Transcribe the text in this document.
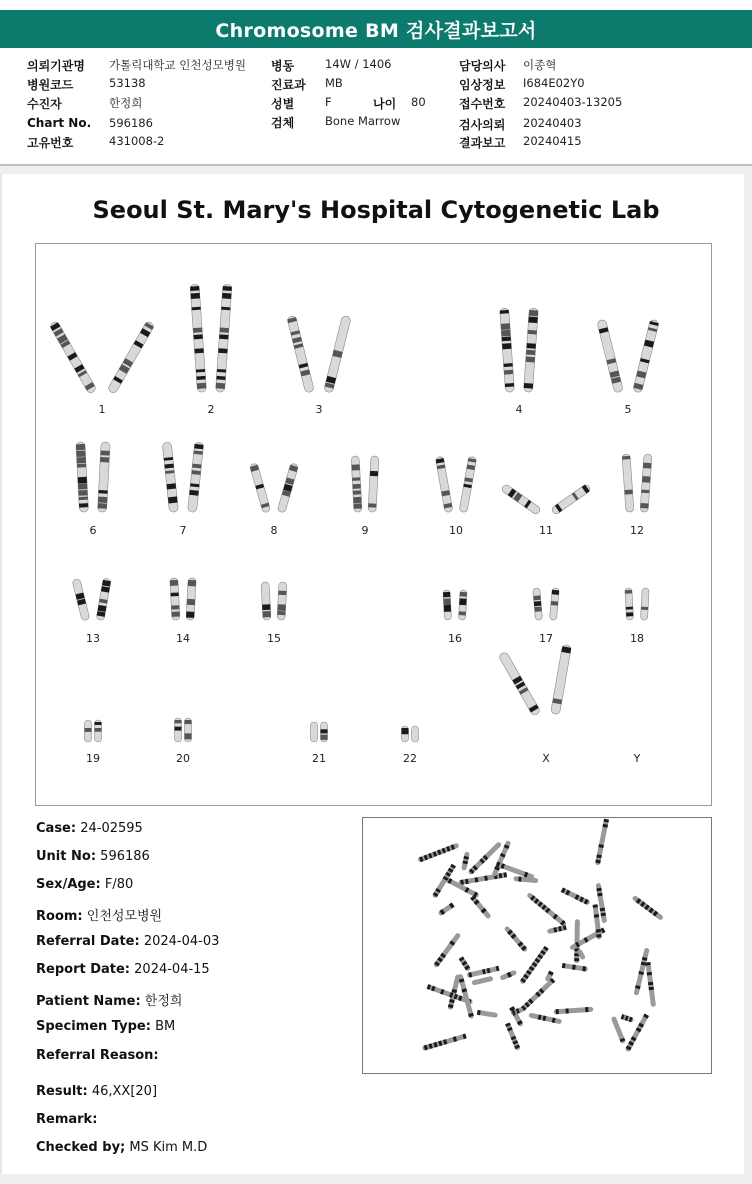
Chromosome BM 검사결과보고서
의뢰기관명 가톨릭대학교 인천성모병원
병원코드	53138
수진자	한정희
Chart No. 596186
고유번호	431008-2
병동	14W / 1406
진료과 MB
성별	F	나이 80
검체	Bone Marrow
담당의사 이종혁
임상정보 I684E02Y0
접수번호 20240403-13205
검사의뢰 20240403
결과보고 20240415
Seoul St. Mary's Hospital Cytogenetic Lab
1	2	3	4	5
6	7	8	9	10	11	12
13	14	15	16	17	18
19	20	21	22	X	Y
Case: 24-02595
Unit No: 596186
Sex/Age: F/80
Room: 인천성모병원
Referral Date: 2024-04-03
Report Date: 2024-04-15
Patient Name: 한정희
Specimen Type: BM
Referral Reason:
Result: 46,XX[20]
Remark:
Checked by; MS Kim M.D
